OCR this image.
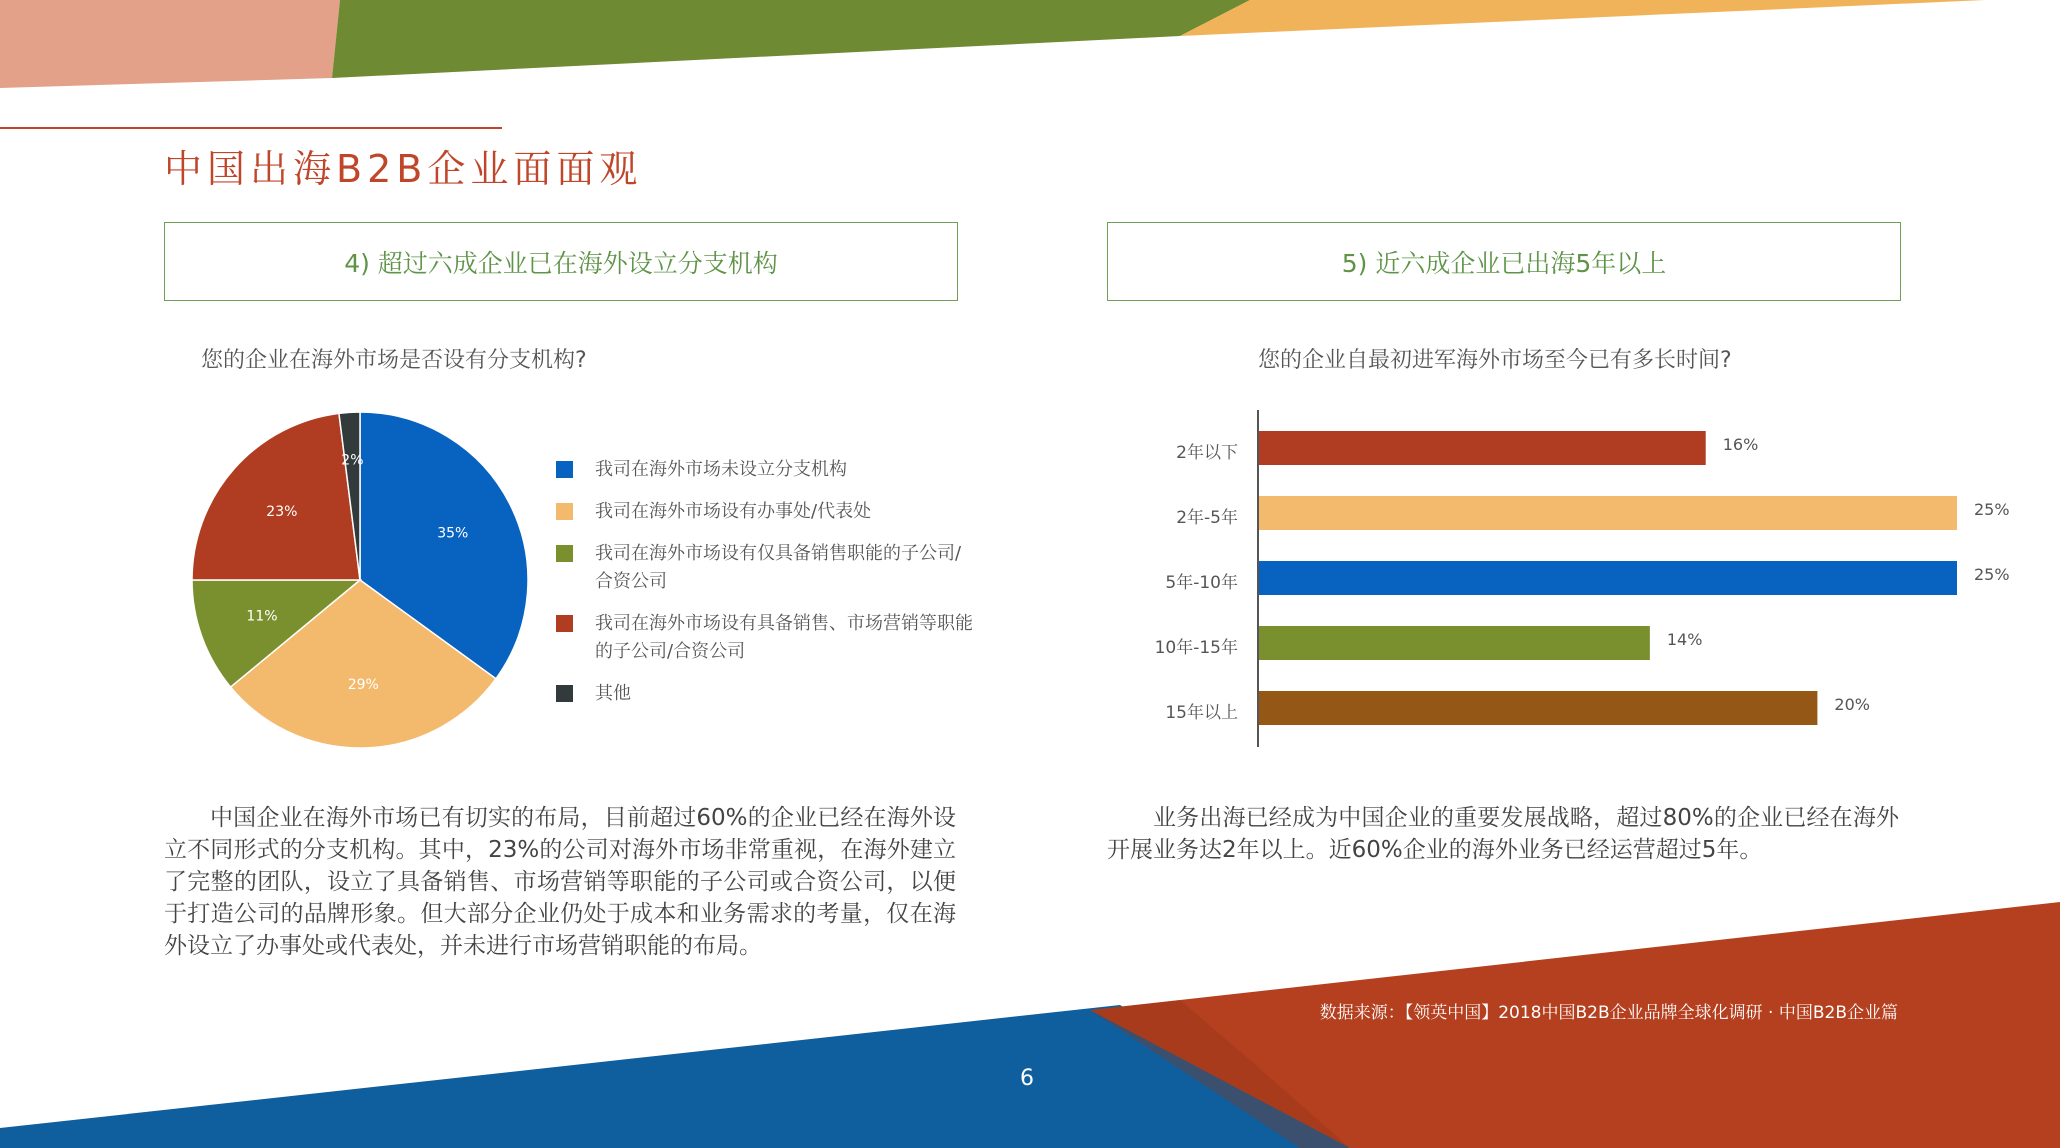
中国出海B2B企业面面观
4) 超过六成企业已在海外设立分支机构
您的企业在海外市场是否设有分支机构?
35%
29%
11%
23%
2%	我司在海外市场未设立分支机构
我司在海外市场设有办事处/代表处
我司在海外市场设有仅具备销售职能的子公司/合资公司
我司在海外市场设有具备销售、市场营销等职能的子公司/合资公司
其他
中国企业在海外市场已有切实的布局，目前超过60%的企业已经在海外设立不同形式的分支机构。其中，23%的公司对海外市场非常重视，在海外建立了完整的团队，设立了具备销售、市场营销等职能的子公司或合资公司，以便于打造公司的品牌形象。但大部分企业仍处于成本和业务需求的考量，仅在海外设立了办事处或代表处，并未进行市场营销职能的布局。
5) 近六成企业已出海5年以上
您的企业自最初进军海外市场至今已有多长时间?
2年以下	16%
2年-5年	25%
5年-10年	25%
10年-15年	14%
15年以上	20%
业务出海已经成为中国企业的重要发展战略，超过80%的企业已经在海外开展业务达2年以上。近60%企业的海外业务已经运营超过5年。
数据来源：【领英中国】2018中国B2B企业品牌全球化调研 · 中国B2B企业篇
6
